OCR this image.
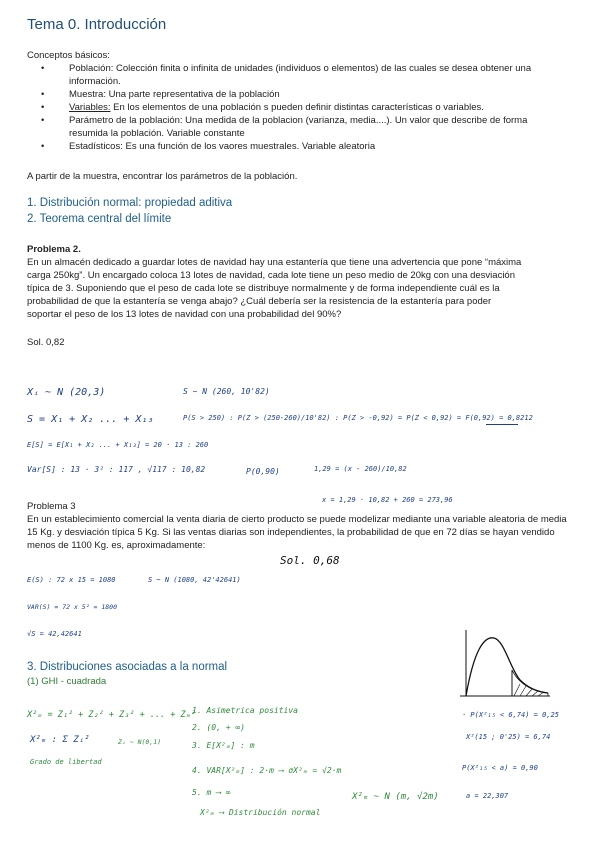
Tema 0. Introducción
Conceptos básicos:
• Población: Colección finita o infinita de unidades (individuos o elementos) de las cuales se desea obtener una información.
• Muestra: Una parte representativa de la población
• Variables: En los elementos de una población s pueden definir distintas características o variables.
• Parámetro de la población: Una medida de la poblacion (varianza, media....). Un valor que describe de forma resumida la población. Variable constante
• Estadísticos: Es una función de los vaores muestrales. Variable aleatoria
A partir de la muestra, encontrar los parámetros de la población.
1. Distribución normal: propiedad aditiva
2. Teorema central del límite
Problema 2.
En un almacén dedicado a guardar lotes de navidad hay una estantería que tiene una advertencia que pone “máxima carga 250kg”. Un encargado coloca 13 lotes de navidad, cada lote tiene un peso medio de 20kg con una desviación típica de 3. Suponiendo que el peso de cada lote se distribuye normalmente y de forma independiente cuál es la probabilidad de que la estantería se venga abajo? ¿Cuál debería ser la resistencia de la estantería para poder soportar el peso de los 13 lotes de navidad con una probabilidad del 90%?
Sol. 0,82
Xᵢ ~ N (20,3)	S ~ N (260, 10'82)
S = X₁ + X₂ ... + X₁₃	P(S > 250) : P(Z > (250-260)/10'82) : P(Z > -0,92) = P(Z < 0,92) = F(0,92) = 0,8212
E[S] = E[X₁ + X₂ ... + X₁₃] = 20 · 13 : 260
Var[S] : 13 · 3² : 117 , √117 : 10,82	P(0,90)	1,29 = (x - 260)/10,82
x = 1,29 · 10,82 + 260 = 273,96
Problema 3
En un establecimiento comercial la venta diaria de cierto producto se puede modelizar mediante una variable aleatoria de media 15 Kg. y desviación típica 5 Kg. Si las ventas diarias son independientes, la probabilidad de que en 72 días se hayan vendido menos de 1100 Kg. es, aproximadamente:
Sol. 0,68
E(S) : 72 x 15 = 1080	S ~ N (1080, 42'42641)
VAR(S) = 72 x 5² = 1800
√S = 42,42641
3. Distribuciones asociadas a la normal
(1) GHI - cuadrada
X²ₘ = Z₁² + Z₂² + Z₃² + ... + Zₘ²
X²ₘ : Σ Zᵢ²	Zᵢ ~ N(0,1)
Grado de libertad
1. Asimetrica positiva
2. (0, + ∞)
3. E[X²ₘ] : m
4. VAR[X²ₘ] : 2·m ⟶ σX²ₘ = √2·m
5. m ⟶ ∞
X²ₘ ⟶ Distribución normal
X²ₘ ~ N (m, √2m)
· P(X²₁₅ < 6,74) = 0,25
X²(15 ; 0'25) = 6,74
P(X²₁₅ < a) = 0,90
a = 22,307
